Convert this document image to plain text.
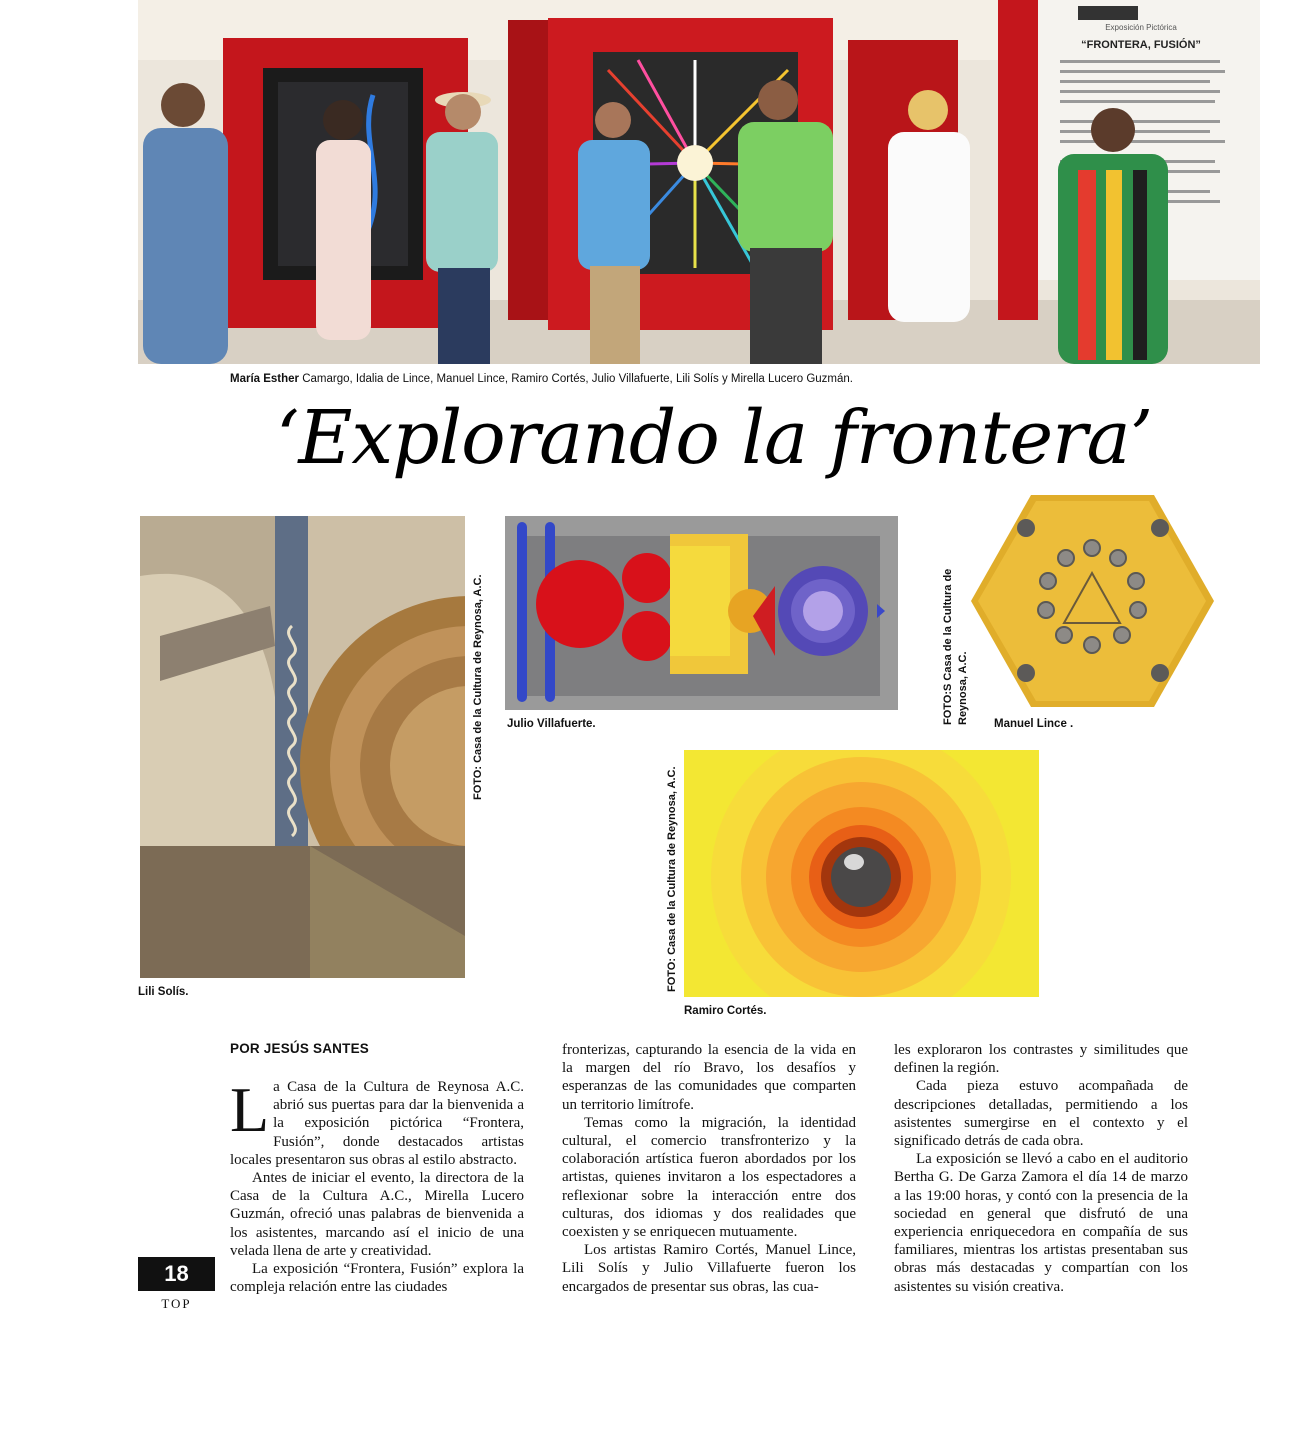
Exposición Pictórica
“FRONTERA, FUSIÓN”
María Esther Camargo, Idalia de Lince, Manuel Lince, Ramiro Cortés, Julio Villafuerte, Lili Solís y Mirella Lucero Guzmán.
‘Explorando la frontera’
Lili Solís.
FOTO: Casa de la Cultura de Reynosa, A.C. Julio Villafuerte.	Manuel Lince .
FOTO:S Casa de la Cultura de Reynosa, A.C.
Ramiro Cortés.
FOTO: Casa de la Cultura de Reynosa, A.C.
POR JESÚS SANTES

La Casa de la Cultura de Reynosa A.C. abrió sus puertas para dar la bienvenida a la exposición pictórica “Frontera, Fusión”, donde destacados artistas locales presentaron sus obras al estilo abstracto.

Antes de iniciar el evento, la directora de la Casa de la Cultura A.C., Mirella Lucero Guzmán, ofreció unas palabras de bienvenida a los asistentes, marcando así el inicio de una velada llena de arte y creatividad.

La exposición “Frontera, Fusión” explora la compleja relación entre las ciudades

fronterizas, capturando la esencia de la vida en la margen del río Bravo, los desafíos y esperanzas de las comunidades que comparten un territorio limítrofe.

Temas como la migración, la identidad cultural, el comercio transfronterizo y la colaboración artística fueron abordados por los artistas, quienes invitaron a los espectadores a reflexionar sobre la interacción entre dos culturas, dos idiomas y dos realidades que coexisten y se enriquecen mutuamente.

Los artistas Ramiro Cortés, Manuel Lince, Lili Solís y Julio Villafuerte fueron los encargados de presentar sus obras, las cua-

les exploraron los contrastes y similitudes que definen la región.

Cada pieza estuvo acompañada de descripciones detalladas, permitiendo a los asistentes sumergirse en el contexto y el significado detrás de cada obra.

La exposición se llevó a cabo en el auditorio Bertha G. De Garza Zamora el día 14 de marzo a las 19:00 horas, y contó con la presencia de la sociedad en general que disfrutó de una experiencia enriquecedora en compañía de sus familiares, mientras los artistas presentaban sus obras más destacadas y compartían con los asistentes su visión creativa.

18
TOP
